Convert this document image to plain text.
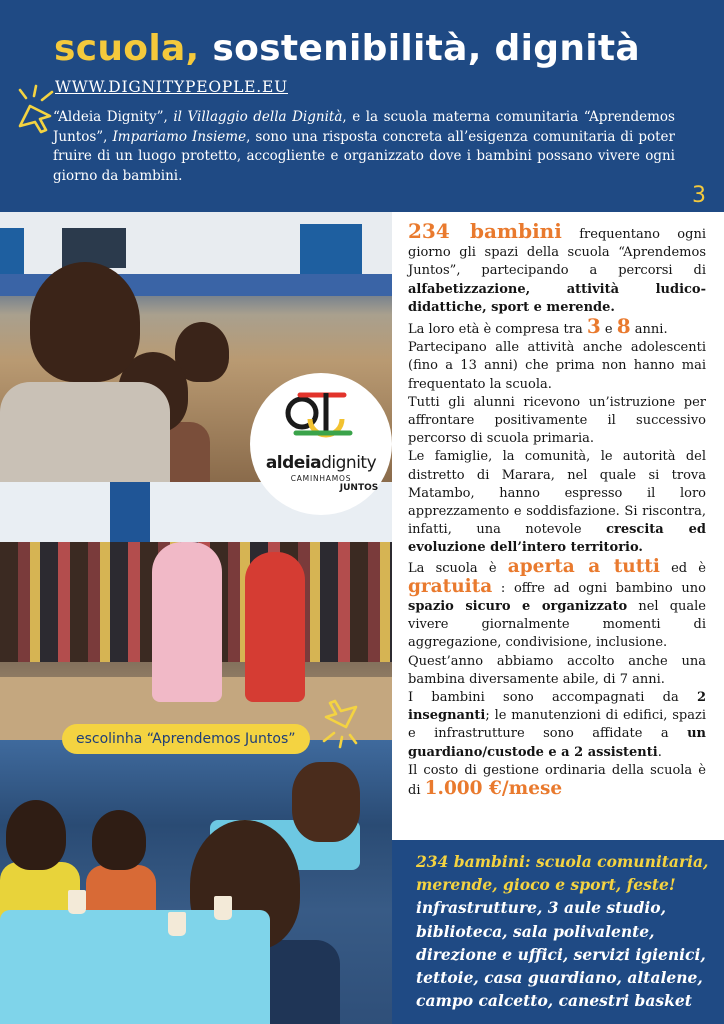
scuola, sostenibilità, dignità
WWW.DIGNITYPEOPLE.EU
“Aldeia Dignity”, il Villaggio della Dignità, e la scuola materna comunitaria “Aprendemos Juntos”, Impariamo Insieme, sono una risposta concreta all’esigenza comunitaria di poter fruire di un luogo protetto, accogliente e organizzato dove i bambini possano vivere ogni giorno da bambini.
3
aldeiadignity
CAMINHAMOS
JUNTOS
escolinha “Aprendemos Juntos”

234 bambini frequentano ogni giorno gli spazi della scuola “Aprendemos Juntos”, partecipando a percorsi di alfabetizzazione, attività ludico-didattiche, sport e merende.

La loro età è compresa tra 3 e 8 anni.

Partecipano alle attività anche adolescenti (fino a 13 anni) che prima non hanno mai frequentato la scuola.

Tutti gli alunni ricevono un’istruzione per affrontare positivamente il successivo percorso di scuola primaria.

Le famiglie, la comunità, le autorità del distretto di Marara, nel quale si trova Matambo, hanno espresso il loro apprezzamento e soddisfazione. Si riscontra, infatti, una notevole crescita ed evoluzione dell’intero territorio.

La scuola è aperta a tutti ed è gratuita : offre ad ogni bambino uno spazio sicuro e organizzato nel quale vivere giornalmente momenti di aggregazione, condivisione, inclusione.

Quest’anno abbiamo accolto anche una bambina diversamente abile, di 7 anni.

I bambini sono accompagnati da 2 insegnanti; le manutenzioni di edifici, spazi e infrastrutture sono affidate a un guardiano/custode e a 2 assistenti.

Il costo di gestione ordinaria della scuola è di 1.000 €/mese

234 bambini: scuola comunitaria, merende, gioco e sport, feste!
infrastrutture, 3 aule studio, biblioteca, sala polivalente, direzione e uffici, servizi igienici, tettoie, casa guardiano, altalene, campo calcetto, canestri basket
